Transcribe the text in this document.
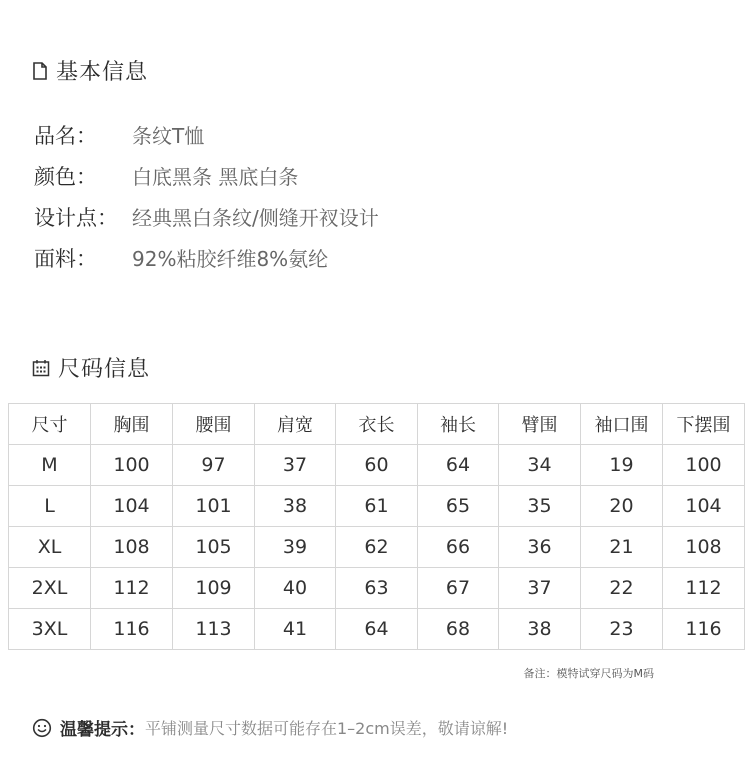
基本信息
品名：	条纹T恤
颜色：	白底黑条 黑底白条
设计点： 经典黑白条纹/侧缝开衩设计
面料：	92%粘胶纤维8%氨纶
尺码信息
尺寸	胸围	腰围	肩宽	衣长	袖长	臂围	袖口围	下摆围
M	100	97	37	60	64	34	19	100
L	104	101	38	61	65	35	20	104
XL	108	105	39	62	66	36	21	108
2XL	112	109	40	63	67	37	22	112
3XL	116	113	41	64	68	38	23	116
备注：模特试穿尺码为M码
温馨提示： 平铺测量尺寸数据可能存在1–2cm误差，敬请谅解!
